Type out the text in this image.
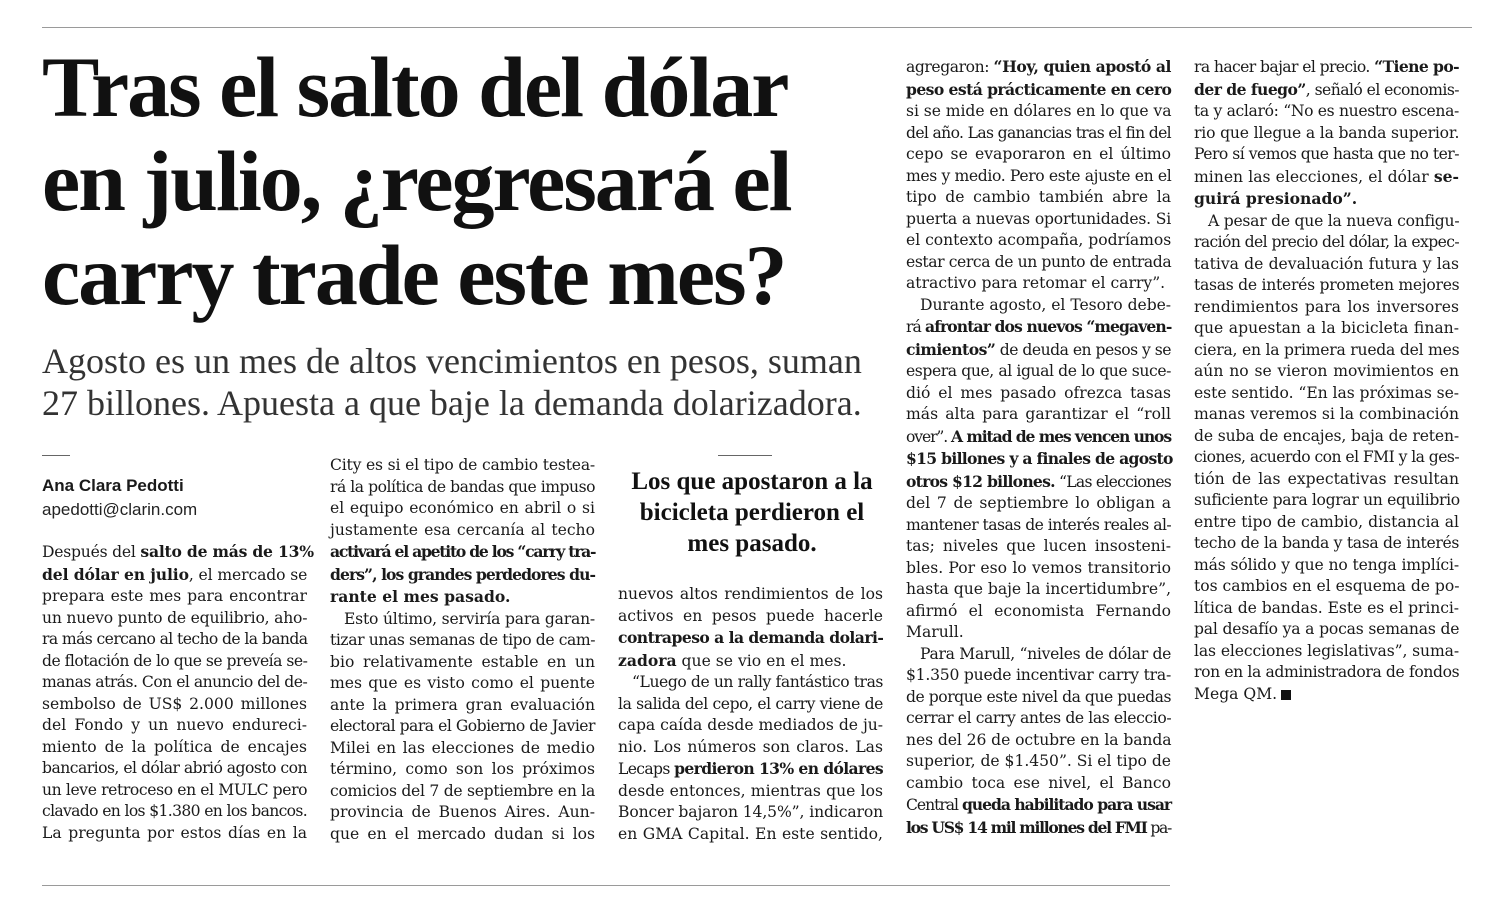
Tras el salto del dólar
en julio, ¿regresará el
carry trade este mes?
Agosto es un mes de altos vencimientos en pesos, suman
27 billones. Apuesta a que baje la demanda dolarizadora.
Ana Clara Pedotti
apedotti@clarin.com
Después del salto de más de 13%
del dólar en julio, el mercado se
prepara este mes para encontrar
un nuevo punto de equilibrio, aho-
ra más cercano al techo de la banda
de flotación de lo que se preveía se-
manas atrás. Con el anuncio del de-
sembolso de US$ 2.000 millones
del Fondo y un nuevo endureci-
miento de la política de encajes
bancarios, el dólar abrió agosto con
un leve retroceso en el MULC pero
clavado en los $1.380 en los bancos.
La pregunta por estos días en la
City es si el tipo de cambio testea-
rá la política de bandas que impuso
el equipo económico en abril o si
justamente esa cercanía al techo
activará el apetito de los “carry tra-
ders”, los grandes perdedores du-
rante el mes pasado.
Esto último, serviría para garan-
tizar unas semanas de tipo de cam-
bio relativamente estable en un
mes que es visto como el puente
ante la primera gran evaluación
electoral para el Gobierno de Javier
Milei en las elecciones de medio
término, como son los próximos
comicios del 7 de septiembre en la
provincia de Buenos Aires. Aun-
que en el mercado dudan si los
Los que apostaron a la
bicicleta perdieron el
mes pasado.
nuevos altos rendimientos de los
activos en pesos puede hacerle
contrapeso a la demanda dolari-
zadora que se vio en el mes.
“Luego de un rally fantástico tras
la salida del cepo, el carry viene de
capa caída desde mediados de ju-
nio. Los números son claros. Las
Lecaps perdieron 13% en dólares
desde entonces, mientras que los
Boncer bajaron 14,5%”, indicaron
en GMA Capital. En este sentido,
agregaron: “Hoy, quien apostó al
peso está prácticamente en cero
si se mide en dólares en lo que va
del año. Las ganancias tras el fin del
cepo se evaporaron en el último
mes y medio. Pero este ajuste en el
tipo de cambio también abre la
puerta a nuevas oportunidades. Si
el contexto acompaña, podríamos
estar cerca de un punto de entrada
atractivo para retomar el carry”.
Durante agosto, el Tesoro debe-
rá afrontar dos nuevos “megaven-
cimientos” de deuda en pesos y se
espera que, al igual de lo que suce-
dió el mes pasado ofrezca tasas
más alta para garantizar el “roll
over”. A mitad de mes vencen unos
$15 billones y a finales de agosto
otros $12 billones. “Las elecciones
del 7 de septiembre lo obligan a
mantener tasas de interés reales al-
tas; niveles que lucen insosteni-
bles. Por eso lo vemos transitorio
hasta que baje la incertidumbre”,
afirmó el economista Fernando
Marull.
Para Marull, “niveles de dólar de
$1.350 puede incentivar carry tra-
de porque este nivel da que puedas
cerrar el carry antes de las eleccio-
nes del 26 de octubre en la banda
superior, de $1.450”. Si el tipo de
cambio toca ese nivel, el Banco
Central queda habilitado para usar
los US$ 14 mil millones del FMI pa-
ra hacer bajar el precio. “Tiene po-
der de fuego”, señaló el economis-
ta y aclaró: “No es nuestro escena-
rio que llegue a la banda superior.
Pero sí vemos que hasta que no ter-
minen las elecciones, el dólar se-
guirá presionado”.
A pesar de que la nueva configu-
ración del precio del dólar, la expec-
tativa de devaluación futura y las
tasas de interés prometen mejores
rendimientos para los inversores
que apuestan a la bicicleta finan-
ciera, en la primera rueda del mes
aún no se vieron movimientos en
este sentido. “En las próximas se-
manas veremos si la combinación
de suba de encajes, baja de reten-
ciones, acuerdo con el FMI y la ges-
tión de las expectativas resultan
suficiente para lograr un equilibrio
entre tipo de cambio, distancia al
techo de la banda y tasa de interés
más sólido y que no tenga implíci-
tos cambios en el esquema de po-
lítica de bandas. Este es el princi-
pal desafío ya a pocas semanas de
las elecciones legislativas”, suma-
ron en la administradora de fondos
Mega QM.
